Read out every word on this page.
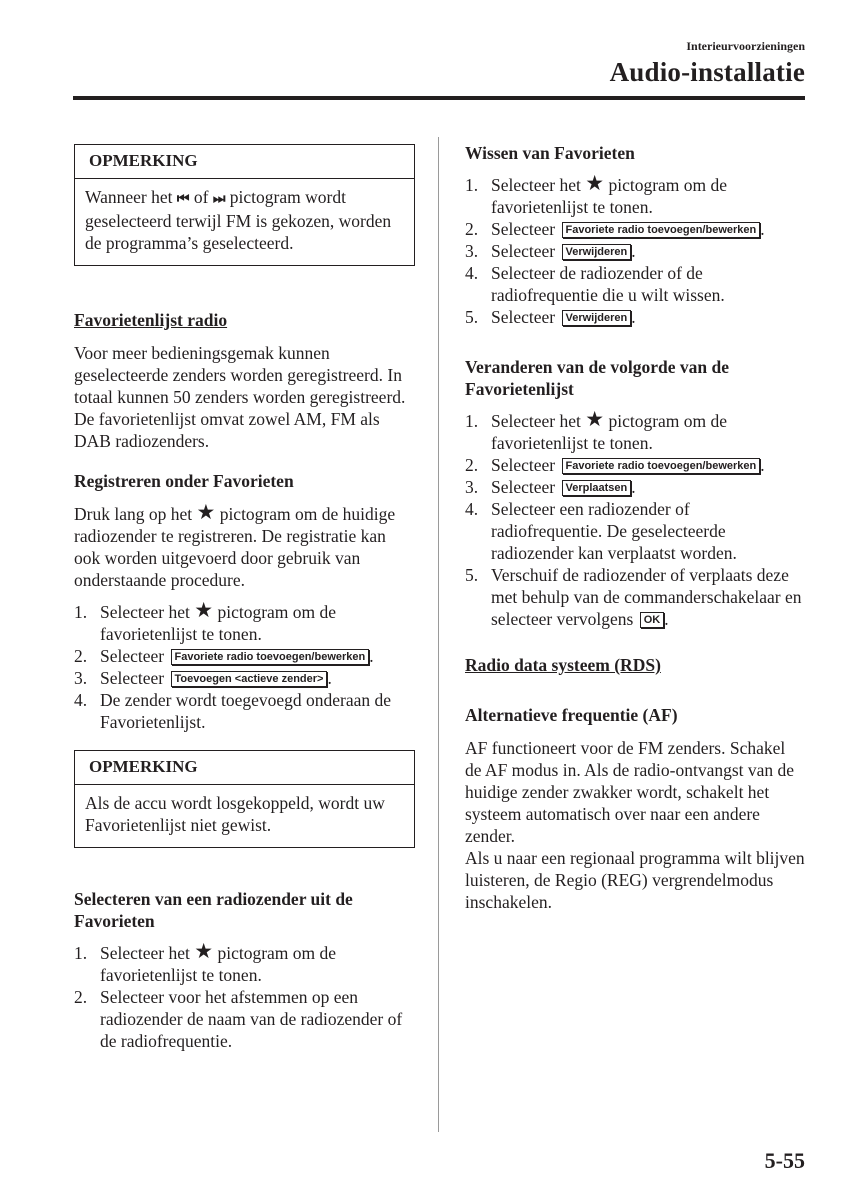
Interieurvoorzieningen
Audio-installatie
OPMERKING
Wanneer het ⏮ of ⏭ pictogram wordt geselecteerd terwijl FM is gekozen, worden de programma’s geselecteerd.

Favorietenlijst radio

Voor meer bedieningsgemak kunnen geselecteerde zenders worden geregistreerd. In totaal kunnen 50 zenders worden geregistreerd. De favorietenlijst omvat zowel AM, FM als DAB radiozenders.

Registreren onder Favorieten

Druk lang op het ★ pictogram om de huidige radiozender te registreren. De registratie kan ook worden uitgevoerd door gebruik van onderstaande procedure.

1. Selecteer het ★ pictogram om de favorietenlijst te tonen.
2. Selecteer Favoriete radio toevoegen/bewerken .
3. Selecteer Toevoegen <actieve zender> .
4. De zender wordt toegevoegd onderaan de Favorietenlijst.
OPMERKING
Als de accu wordt losgekoppeld, wordt uw Favorietenlijst niet gewist.

Selecteren van een radiozender uit de Favorieten

1. Selecteer het ★ pictogram om de favorietenlijst te tonen.
2. Selecteer voor het afstemmen op een radiozender de naam van de radiozender of de radiofrequentie.

Wissen van Favorieten

1. Selecteer het ★ pictogram om de favorietenlijst te tonen.
2. Selecteer Favoriete radio toevoegen/bewerken .
3. Selecteer Verwijderen .
4. Selecteer de radiozender of de radiofrequentie die u wilt wissen.
5. Selecteer Verwijderen .

Veranderen van de volgorde van de Favorietenlijst

1. Selecteer het ★ pictogram om de favorietenlijst te tonen.
2. Selecteer Favoriete radio toevoegen/bewerken .
3. Selecteer Verplaatsen .
4. Selecteer een radiozender of radiofrequentie. De geselecteerde radiozender kan verplaatst worden.
5. Verschuif de radiozender of verplaats deze met behulp van de commanderschakelaar en selecteer vervolgens OK .

Radio data systeem (RDS)

Alternatieve frequentie (AF)

AF functioneert voor de FM zenders. Schakel de AF modus in. Als de radio-ontvangst van de huidige zender zwakker wordt, schakelt het systeem automatisch over naar een andere zender.

Als u naar een regionaal programma wilt blijven luisteren, de Regio (REG) vergrendelmodus inschakelen.

5-55
